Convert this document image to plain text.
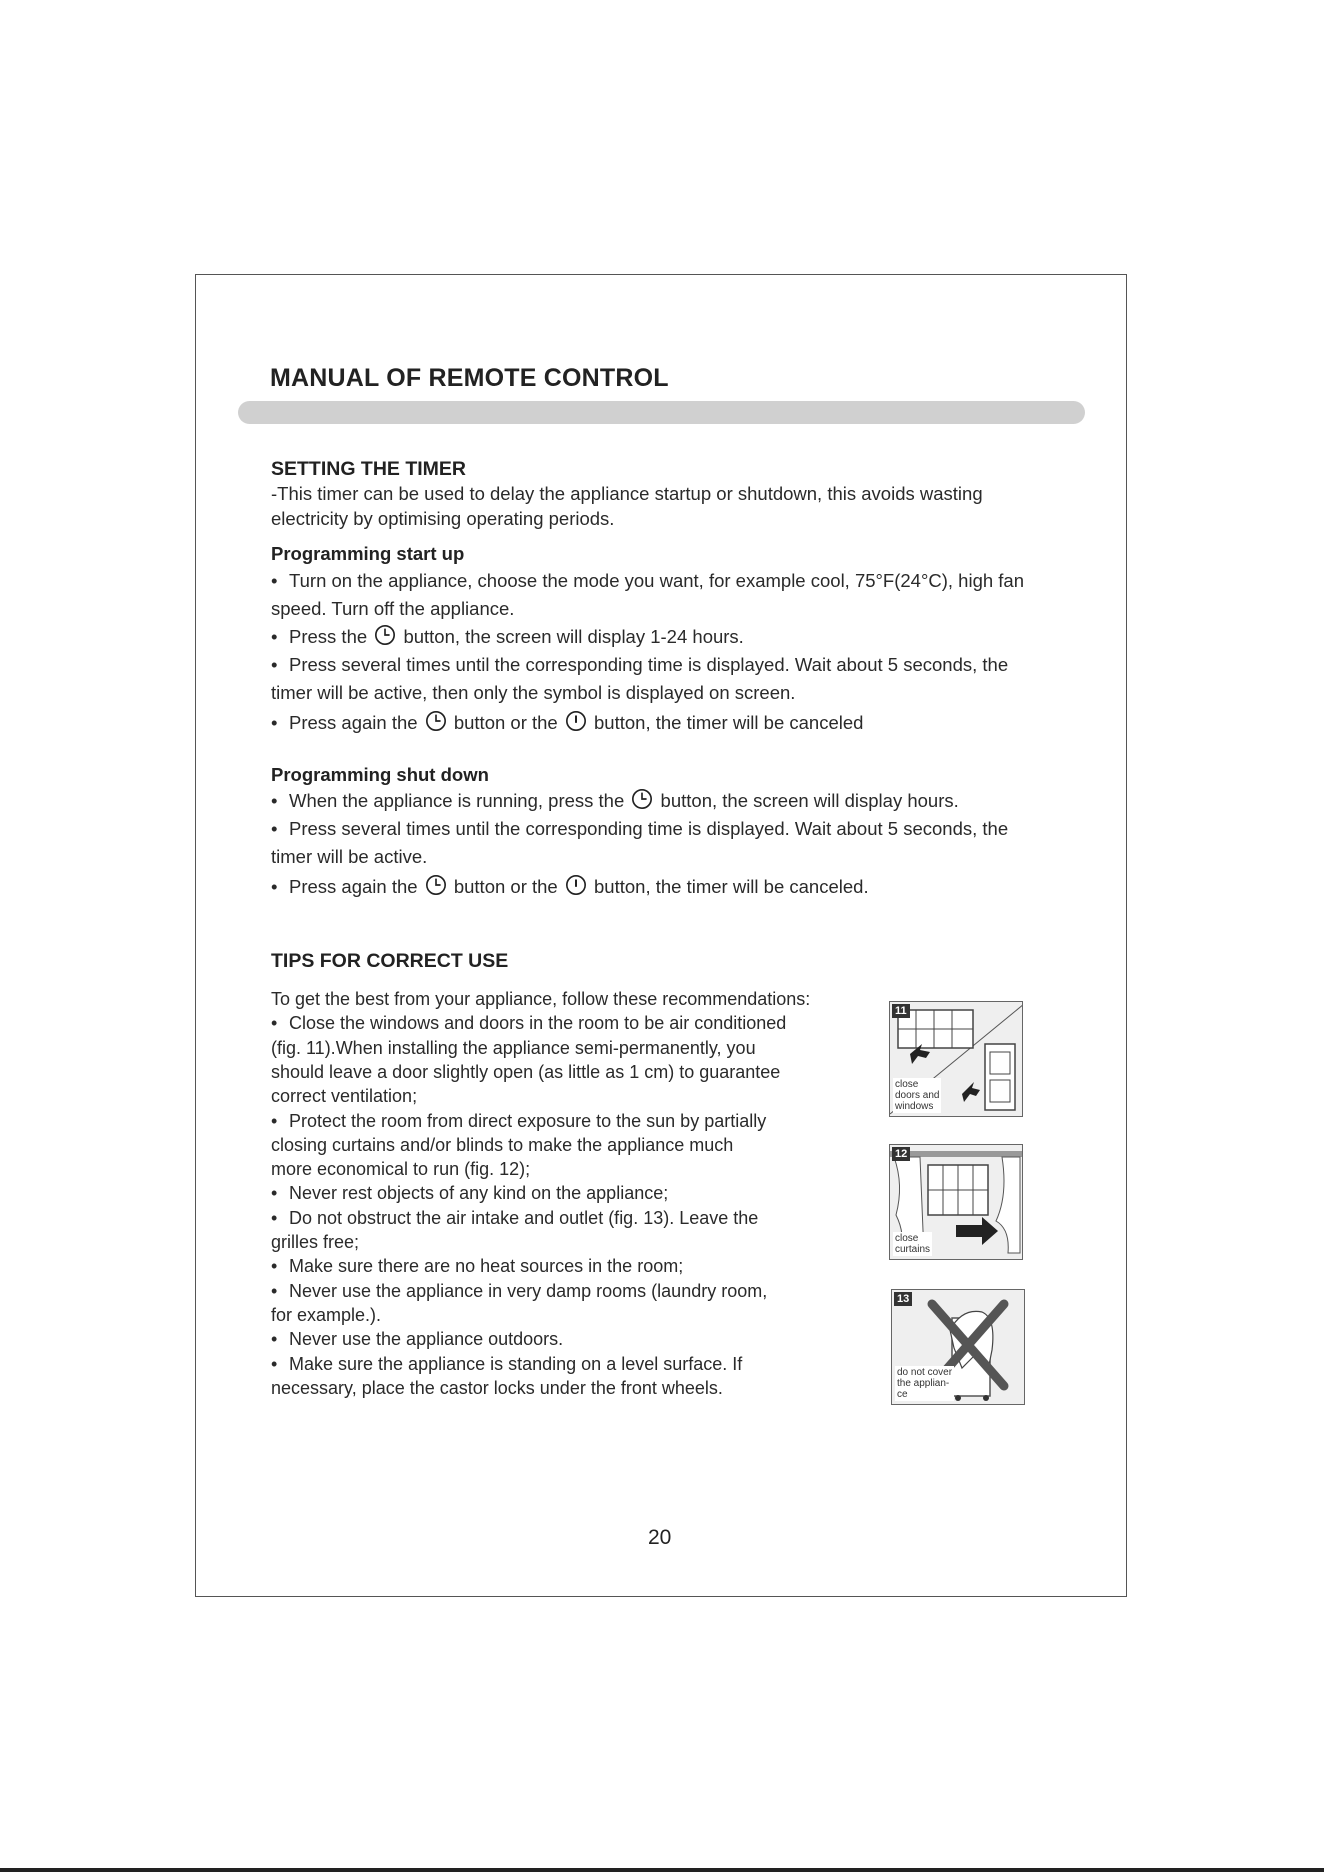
MANUAL OF REMOTE CONTROL
SETTING THE TIMER
-This timer can be used to delay the appliance startup or shutdown, this avoids wasting
electricity by optimising operating periods.
Programming start up
• Turn on the appliance, choose the mode you want, for example cool, 75°F(24°C), high fan
speed. Turn off the appliance.
• Press the button, the screen will display 1-24 hours.
• Press several times until the corresponding time is displayed. Wait about 5 seconds, the
timer will be active, then only the symbol is displayed on screen.
• Press again the button or the button, the timer will be canceled
Programming shut down
• When the appliance is running, press the button, the screen will display hours.
• Press several times until the corresponding time is displayed. Wait about 5 seconds, the
timer will be active.
• Press again the button or the button, the timer will be canceled.
TIPS FOR CORRECT USE
To get the best from your appliance, follow these recommendations:
• Close the windows and doors in the room to be air conditioned
(fig. 11).When installing the appliance semi-permanently, you
should leave a door slightly open (as little as 1 cm) to guarantee
correct ventilation;
• Protect the room from direct exposure to the sun by partially
closing curtains and/or blinds to make the appliance much
more economical to run (fig. 12);
• Never rest objects of any kind on the appliance;
• Do not obstruct the air intake and outlet (fig. 13). Leave the
grilles free;
• Make sure there are no heat sources in the room;
• Never use the appliance in very damp rooms (laundry room,
for example.).
• Never use the appliance outdoors.
• Make sure the appliance is standing on a level surface. If
necessary, place the castor locks under the front wheels.
11
close
doors and
windows
12
close
curtains
13
do not cover
the applian-
ce
20
